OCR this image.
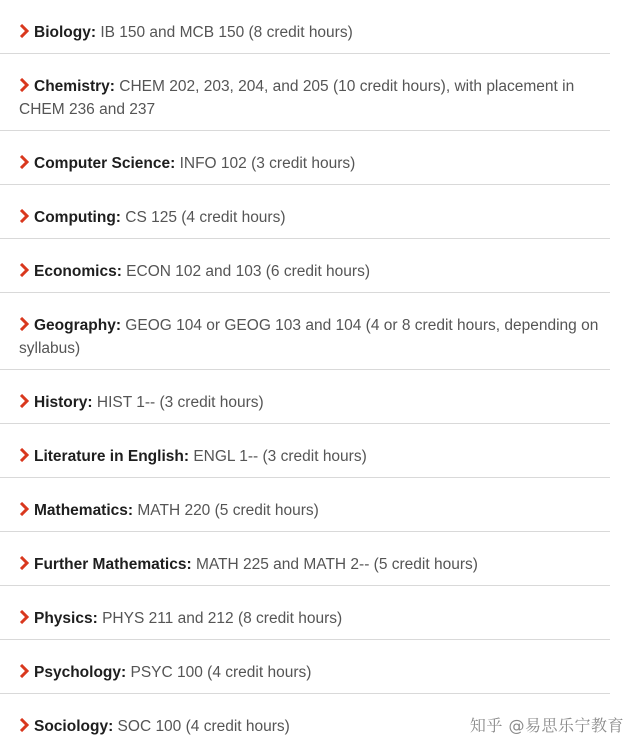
Biology: IB 150 and MCB 150 (8 credit hours)
Chemistry: CHEM 202, 203, 204, and 205 (10 credit hours), with placement in CHEM 236 and 237
Computer Science: INFO 102 (3 credit hours)
Computing: CS 125 (4 credit hours)
Economics: ECON 102 and 103 (6 credit hours)
Geography: GEOG 104 or GEOG 103 and 104 (4 or 8 credit hours, depending on syllabus)
History: HIST 1-- (3 credit hours)
Literature in English: ENGL 1-- (3 credit hours)
Mathematics: MATH 220 (5 credit hours)
Further Mathematics: MATH 225 and MATH 2-- (5 credit hours)
Physics: PHYS 211 and 212 (8 credit hours)
Psychology: PSYC 100 (4 credit hours)
Sociology: SOC 100 (4 credit hours)	知乎 @易思乐宁教育
